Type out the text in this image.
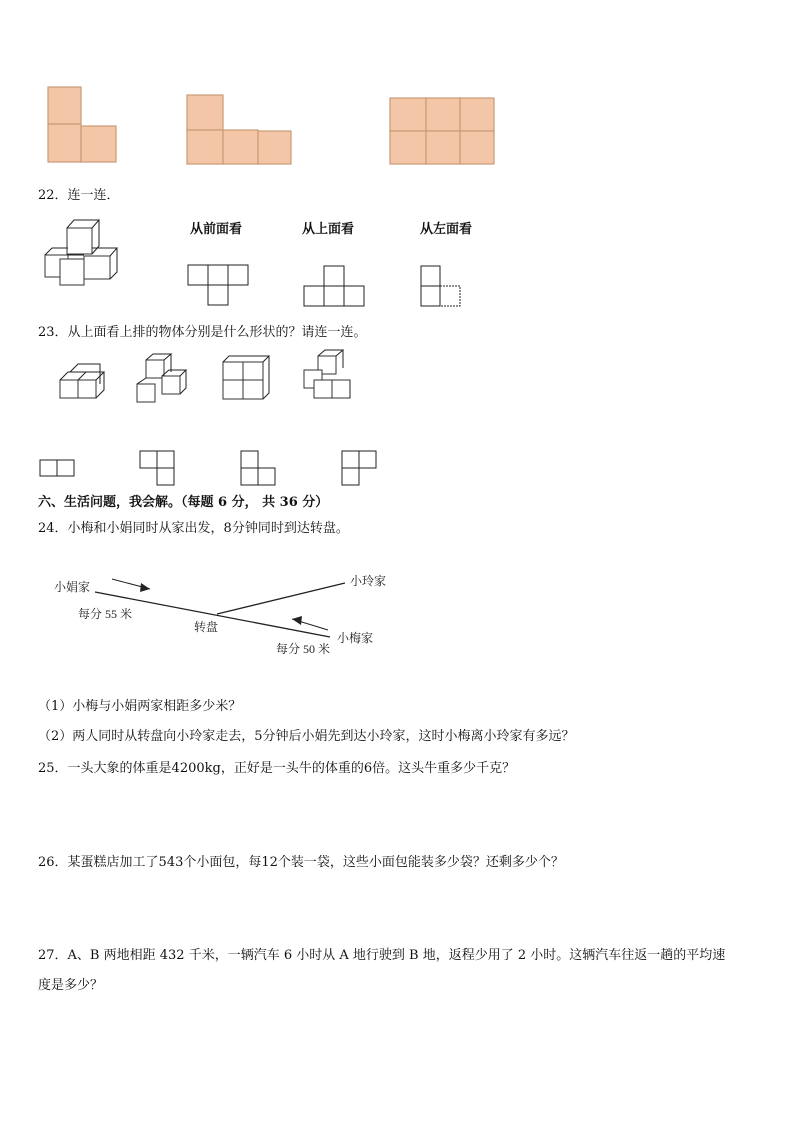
22．连一连．
从前面看	从上面看	从左面看
23．从上面看上排的物体分别是什么形状的？请连一连。
六、生活问题，我会解。（每题 6 分， 共 36 分）
24．小梅和小娟同时从家出发，8分钟同时到达转盘。
小娟家	小玲家
小梅家
转盘
每分 55 米
每分 50 米
（1）小梅与小娟两家相距多少米？
（2）两人同时从转盘向小玲家走去，5分钟后小娟先到达小玲家，这时小梅离小玲家有多远？
25．一头大象的体重是4200kg，正好是一头牛的体重的6倍。这头牛重多少千克？
26．某蛋糕店加工了543个小面包，每12个装一袋，这些小面包能装多少袋？还剩多少个？
27．A、B 两地相距 432 千米，一辆汽车 6 小时从 A 地行驶到 B 地，返程少用了 2 小时。这辆汽车往返一趟的平均速
度是多少？
